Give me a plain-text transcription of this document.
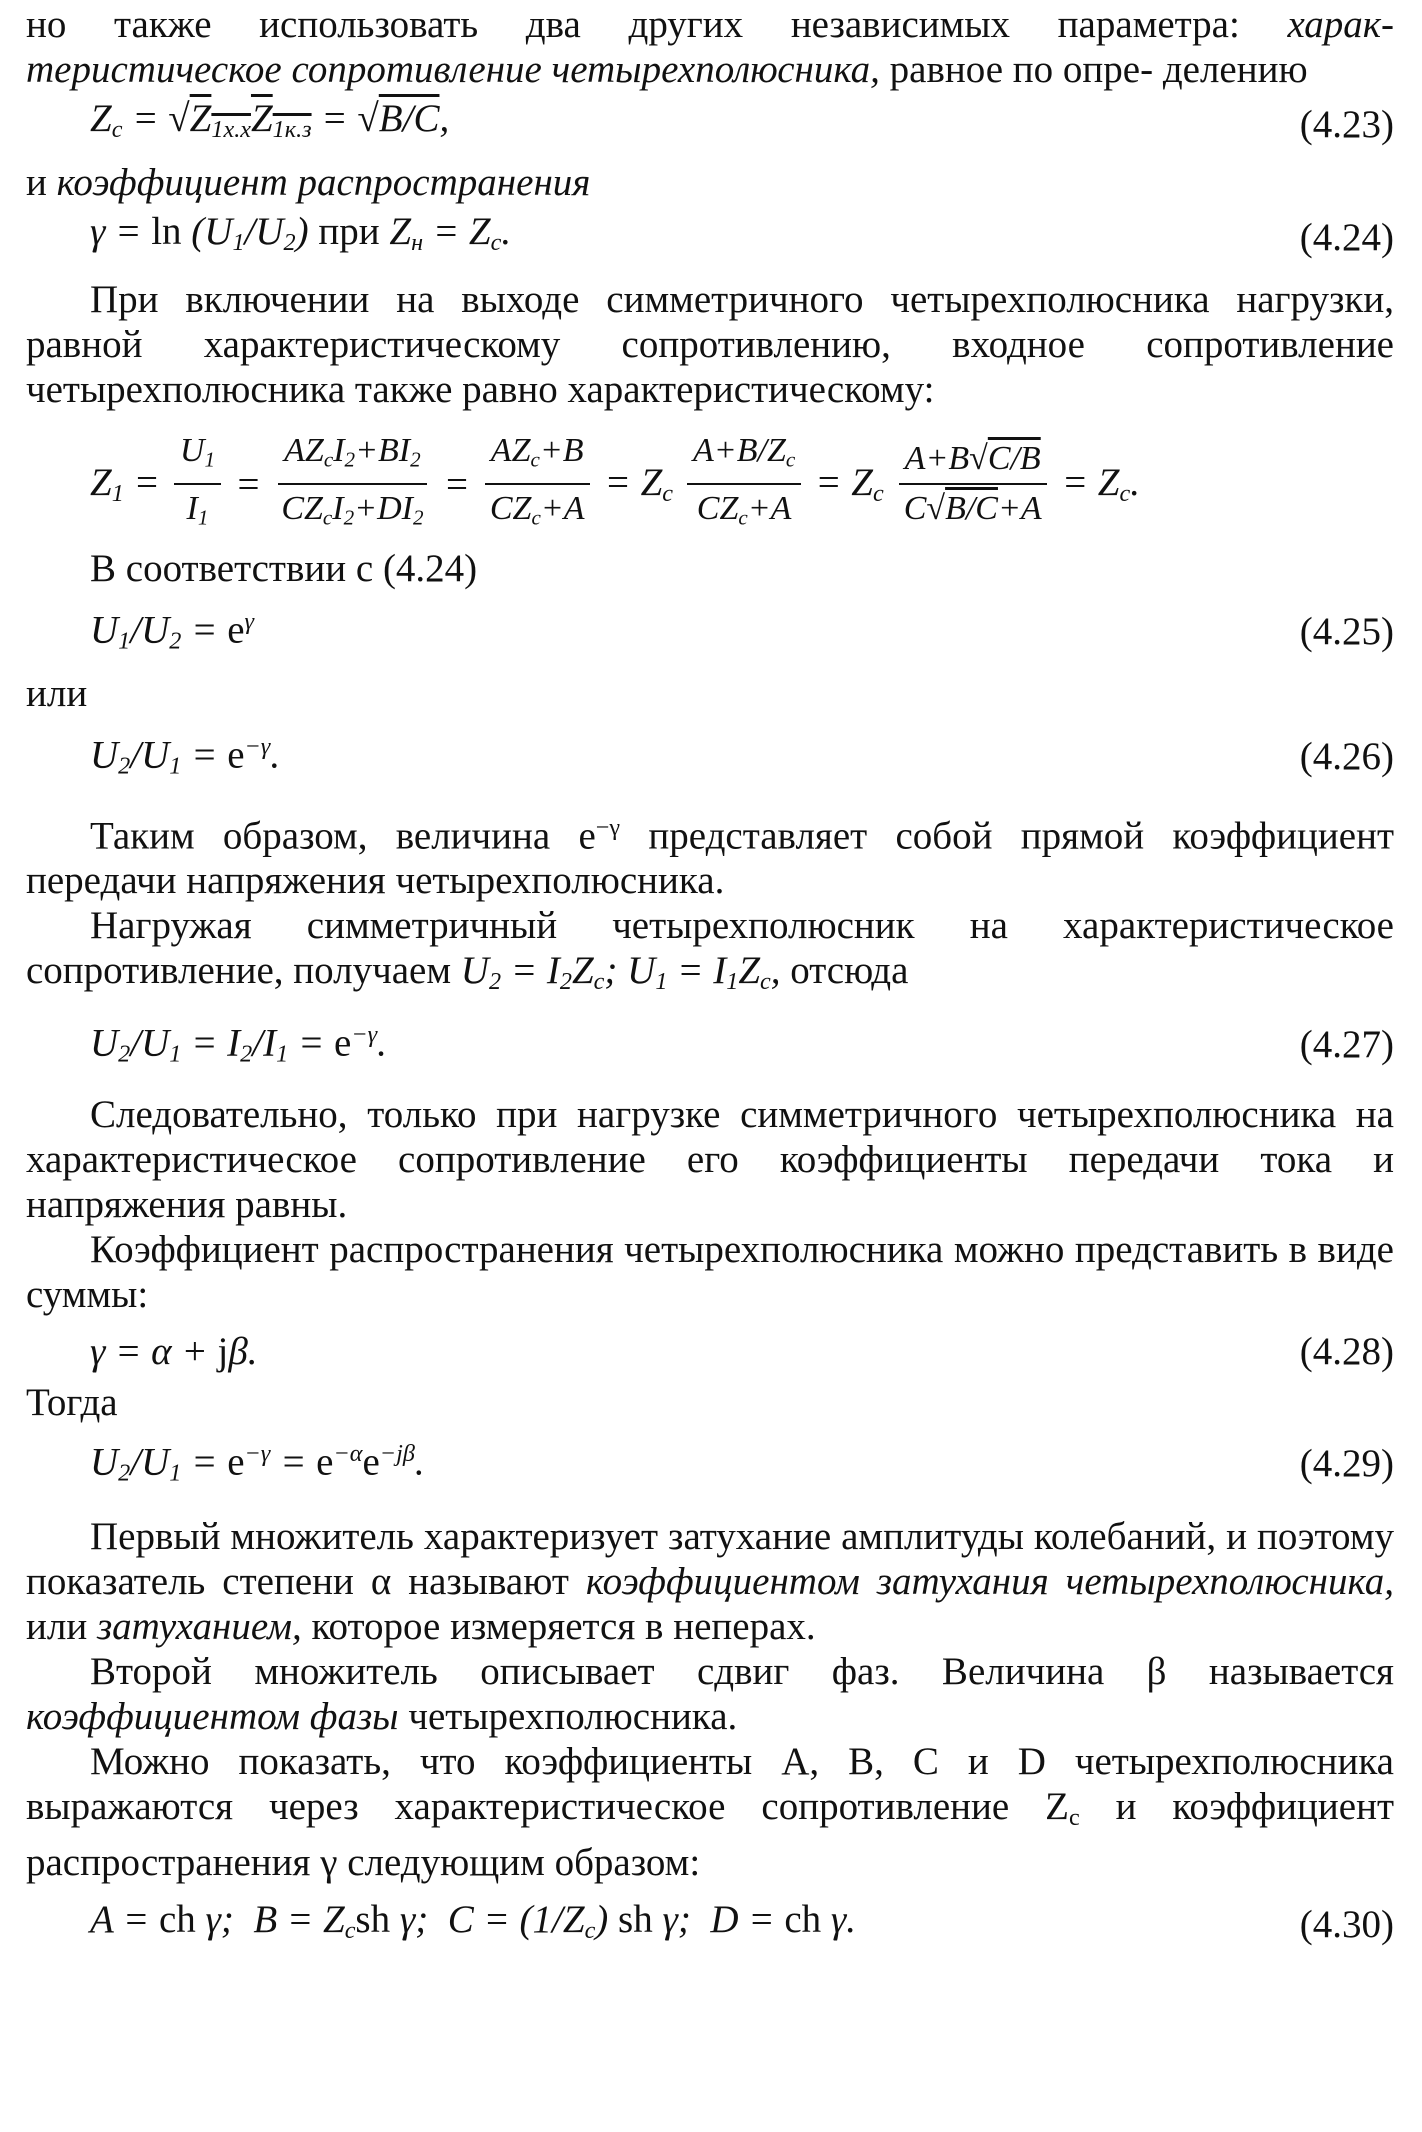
но также использовать два других независимых параметра: харак- теристическое сопротивление четырехполюсника, равное по опре- делению

$Z_c = √Z_{1х.х}Z_{1к.з} = √B/C$,	(4.23)

и коэффициент распространения

$\gamma = \ln (U_1/U_2)$ при $Z_н = Z_c$.	(4.24)

При включении на выходе симметричного четырехполюсника нагрузки, равной характеристическому сопротивлению, входное сопротивление четырехполюсника также равно характеристическому:

$Z_1 = \frac{U_1}{I_1} = \frac{AZ_cI_2+BI_2}{CZ_cI_2+DI_2} = \frac{AZ_c+B}{CZ_c+A} = Z_c \frac{A+B/Z_c}{CZ_c+A} = Z_c \frac{A+B√C/B}{C√B/C+A} = Z_c$.

В соответствии с (4.24)

$U_1/U_2 = e^\gamma$	(4.25)

или

$U_2/U_1 = e^{-\gamma}$.	(4.26)

Таким образом, величина $e^{-\gamma}$ представляет собой прямой коэффициент передачи напряжения четырехполюсника.

Нагружая симметричный четырехполюсник на характеристическое сопротивление, получаем $U_2 = I_2Z_c$; $U_1 = I_1Z_c$, отсюда

$U_2/U_1 = I_2/I_1 = e^{-\gamma}$.	(4.27)

Следовательно, только при нагрузке симметричного четырехполюсника на характеристическое сопротивление его коэффициенты передачи тока и напряжения равны.

Коэффициент распространения четырехполюсника можно представить в виде суммы:

γ = α + jβ.	(4.28)

Тогда

$U_2/U_1 = e^{-\gamma} = e^{-\alpha}e^{-j\beta}$.	(4.29)

Первый множитель характеризует затухание амплитуды колебаний, и поэтому показатель степени α называют коэффициентом затухания четырехполюсника, или затуханием, которое измеряется в неперах.

Второй множитель описывает сдвиг фаз. Величина β называется коэффициентом фазы четырехполюсника.

Можно показать, что коэффициенты A, B, C и D четырехполюсника выражаются через характеристическое сопротивление $Z_c$ и коэффициент распространения γ следующим образом:

A = ch γ;  $B = Z_csh$ γ;  $C = (1/Z_c)$ sh γ;  D = ch γ.	(4.30)
